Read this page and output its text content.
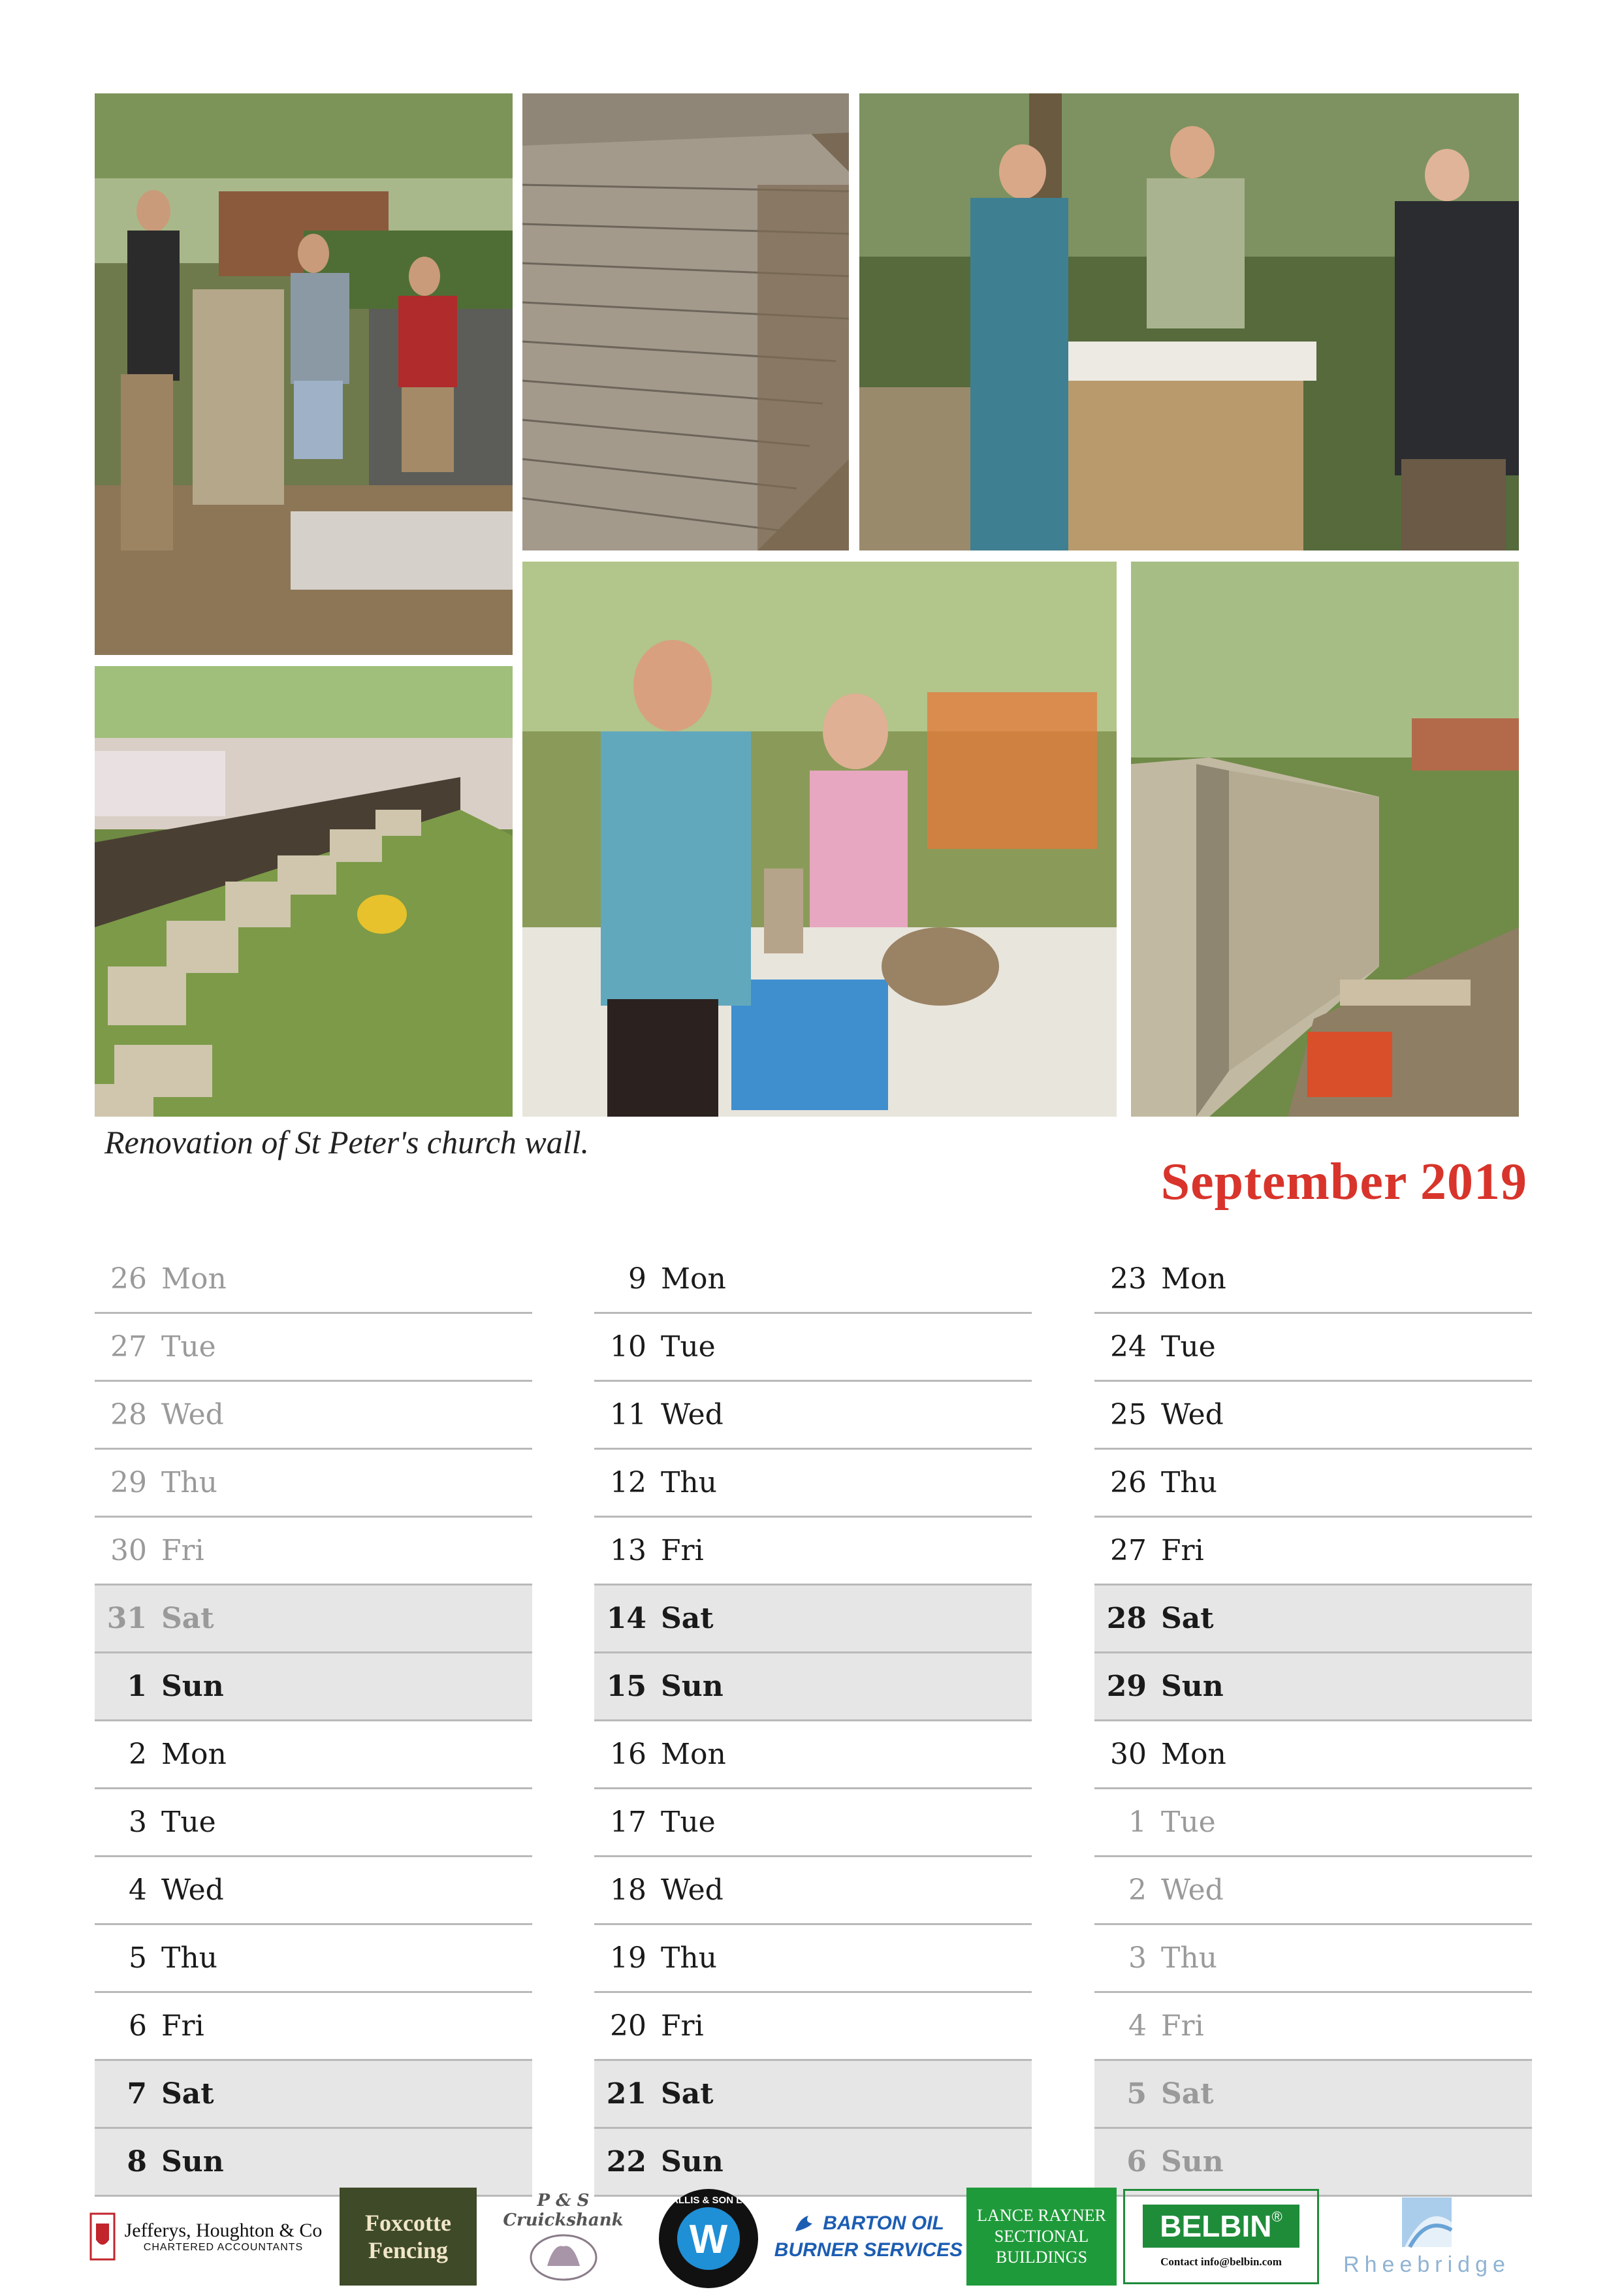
Renovation of St Peter's church wall.
September 2019
26 Mon
27 Tue
28 Wed
29 Thu
30 Fri
31 Sat
1 Sun
2 Mon
3 Tue
4 Wed
5 Thu
6 Fri
7 Sat
8 Sun
9 Mon
10 Tue
11 Wed
12 Thu
13 Fri
14 Sat
15 Sun
16 Mon
17 Tue
18 Wed
19 Thu
20 Fri
21 Sat
22 Sun
23 Mon
24 Tue
25 Wed
26 Thu
27 Fri
28 Sat
29 Sun
30 Mon
1 Tue
2 Wed
3 Thu
4 Fri
5 Sat
6 Sun
Jefferys, Houghton & Co
CHARTERED ACCOUNTANTS
Foxcotte
Fencing
P & S Cruickshank	W
WALLIS & SON LTD
BARTON OIL
BURNER SERVICES
LANCE RAYNER
SECTIONAL
BUILDINGS
BELBIN®
Contact info@belbin.com	Rheebridge
